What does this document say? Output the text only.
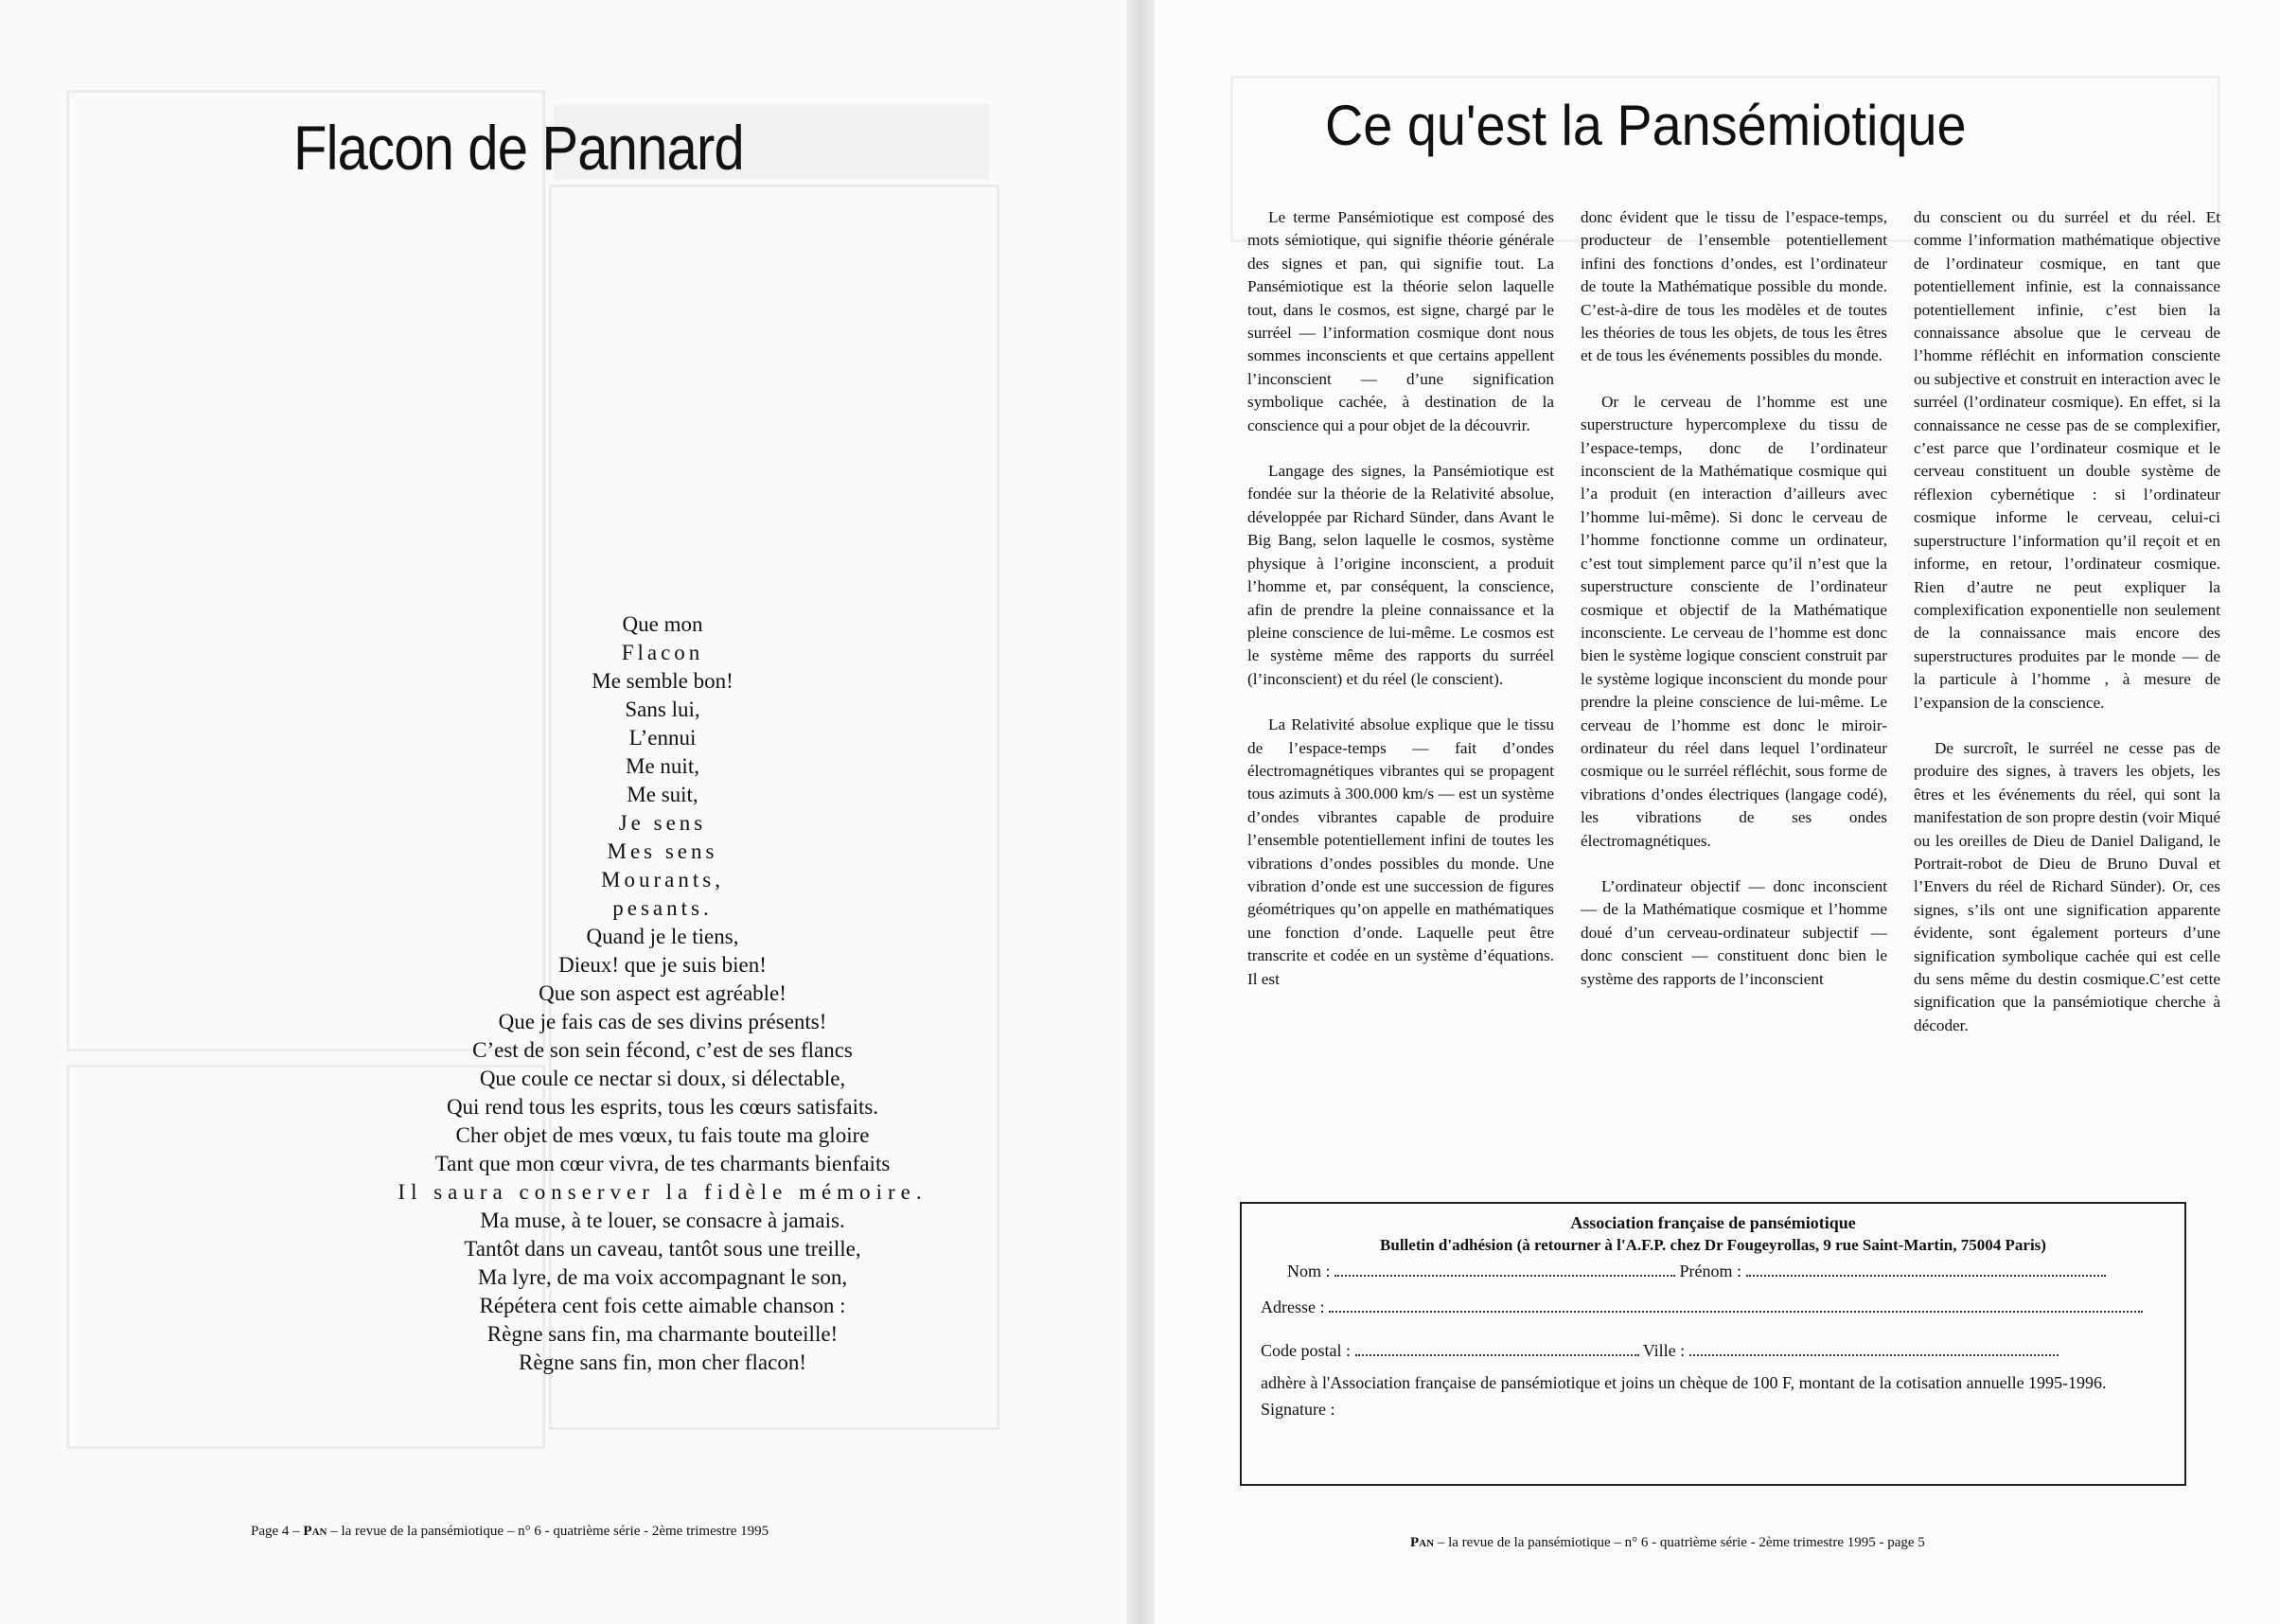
Flacon de Pannard
Que mon
Flacon
Me semble bon!
Sans lui,
L’ennui
Me nuit,
Me suit,
Je sens
Mes sens
Mourants,
pesants.
Quand je le tiens,
Dieux! que je suis bien!
Que son aspect est agréable!
Que je fais cas de ses divins présents!
C’est de son sein fécond, c’est de ses flancs
Que coule ce nectar si doux, si délectable,
Qui rend tous les esprits, tous les cœurs satisfaits.
Cher objet de mes vœux, tu fais toute ma gloire
Tant que mon cœur vivra, de tes charmants bienfaits
Il saura conserver la fidèle mémoire.
Ma muse, à te louer, se consacre à jamais.
Tantôt dans un caveau, tantôt sous une treille,
Ma lyre, de ma voix accompagnant le son,
Répétera cent fois cette aimable chanson :
Règne sans fin, ma charmante bouteille!
Règne sans fin, mon cher flacon!
Page 4 – Pan – la revue de la pansémiotique – n° 6 - quatrième série - 2ème trimestre 1995
Ce qu'est la Pansémiotique

Le terme Pansémiotique est composé des mots sémiotique, qui signifie théorie générale des signes et pan, qui signifie tout. La Pansémiotique est la théorie selon laquelle tout, dans le cosmos, est signe, chargé par le surréel — l’information cosmique dont nous sommes inconscients et que certains appellent l’inconscient — d’une signification symbolique cachée, à destination de la conscience qui a pour objet de la découvrir.

Langage des signes, la Pansémiotique est fondée sur la théorie de la Relativité absolue, développée par Richard Sünder, dans Avant le Big Bang, selon laquelle le cosmos, système physique à l’origine inconscient, a produit l’homme et, par conséquent, la conscience, afin de prendre la pleine connaissance et la pleine conscience de lui-même. Le cosmos est le système même des rapports du surréel (l’inconscient) et du réel (le conscient).

La Relativité absolue explique que le tissu de l’espace-temps — fait d’ondes électromagnétiques vibrantes qui se propagent tous azimuts à 300.000 km/s — est un système d’ondes vibrantes capable de produire l’ensemble potentiellement infini de toutes les vibrations d’ondes possibles du monde. Une vibration d’onde est une succession de figures géométriques qu’on appelle en mathématiques une fonction d’onde. Laquelle peut être transcrite et codée en un système d’équations. Il est

donc évident que le tissu de l’espace-temps, producteur de l’ensemble potentiellement infini des fonctions d’ondes, est l’ordinateur de toute la Mathématique possible du monde. C’est-à-dire de tous les modèles et de toutes les théories de tous les objets, de tous les êtres et de tous les événements possibles du monde.

Or le cerveau de l’homme est une superstructure hypercomplexe du tissu de l’espace-temps, donc de l’ordinateur inconscient de la Mathématique cosmique qui l’a produit (en interaction d’ailleurs avec l’homme lui-même). Si donc le cerveau de l’homme fonctionne comme un ordinateur, c’est tout simplement parce qu’il n’est que la superstructure consciente de l’ordinateur cosmique et objectif de la Mathématique inconsciente. Le cerveau de l’homme est donc bien le système logique conscient construit par le système logique inconscient du monde pour prendre la pleine conscience de lui-même. Le cerveau de l’homme est donc le miroir-ordinateur du réel dans lequel l’ordinateur cosmique ou le surréel réfléchit, sous forme de vibrations d’ondes électriques (langage codé), les vibrations de ses ondes électromagnétiques.

L’ordinateur objectif — donc inconscient — de la Mathématique cosmique et l’homme doué d’un cerveau-ordinateur subjectif — donc conscient — constituent donc bien le système des rapports de l’inconscient

du conscient ou du surréel et du réel. Et comme l’information mathématique objective de l’ordinateur cosmique, en tant que potentiellement infinie, est la connaissance potentiellement infinie, c’est bien la connaissance absolue que le cerveau de l’homme réfléchit en information consciente ou subjective et construit en interaction avec le surréel (l’ordinateur cosmique). En effet, si la connaissance ne cesse pas de se complexifier, c’est parce que l’ordinateur cosmique et le cerveau constituent un double système de réflexion cybernétique : si l’ordinateur cosmique informe le cerveau, celui-ci superstructure l’information qu’il reçoit et en informe, en retour, l’ordinateur cosmique. Rien d’autre ne peut expliquer la complexification exponentielle non seulement de la connaissance mais encore des superstructures produites par le monde — de la particule à l’homme , à mesure de l’expansion de la conscience.

De surcroît, le surréel ne cesse pas de produire des signes, à travers les objets, les êtres et les événements du réel, qui sont la manifestation de son propre destin (voir Miqué ou les oreilles de Dieu de Daniel Daligand, le Portrait-robot de Dieu de Bruno Duval et l’Envers du réel de Richard Sünder). Or, ces signes, s’ils ont une signification apparente évidente, sont également porteurs d’une signification symbolique cachée qui est celle du sens même du destin cosmique.C’est cette signification que la pansémiotique cherche à décoder.

Association française de pansémiotique
Bulletin d'adhésion (à retourner à l'A.F.P. chez Dr Fougeyrollas, 9 rue Saint-Martin, 75004 Paris)
Nom :	Prénom :
Adresse :
Code postal :	Ville :
adhère à l'Association française de pansémiotique et joins un chèque de 100 F, montant de la cotisation annuelle 1995-1996.
Signature :
Pan – la revue de la pansémiotique – n° 6 - quatrième série - 2ème trimestre 1995 - page 5
